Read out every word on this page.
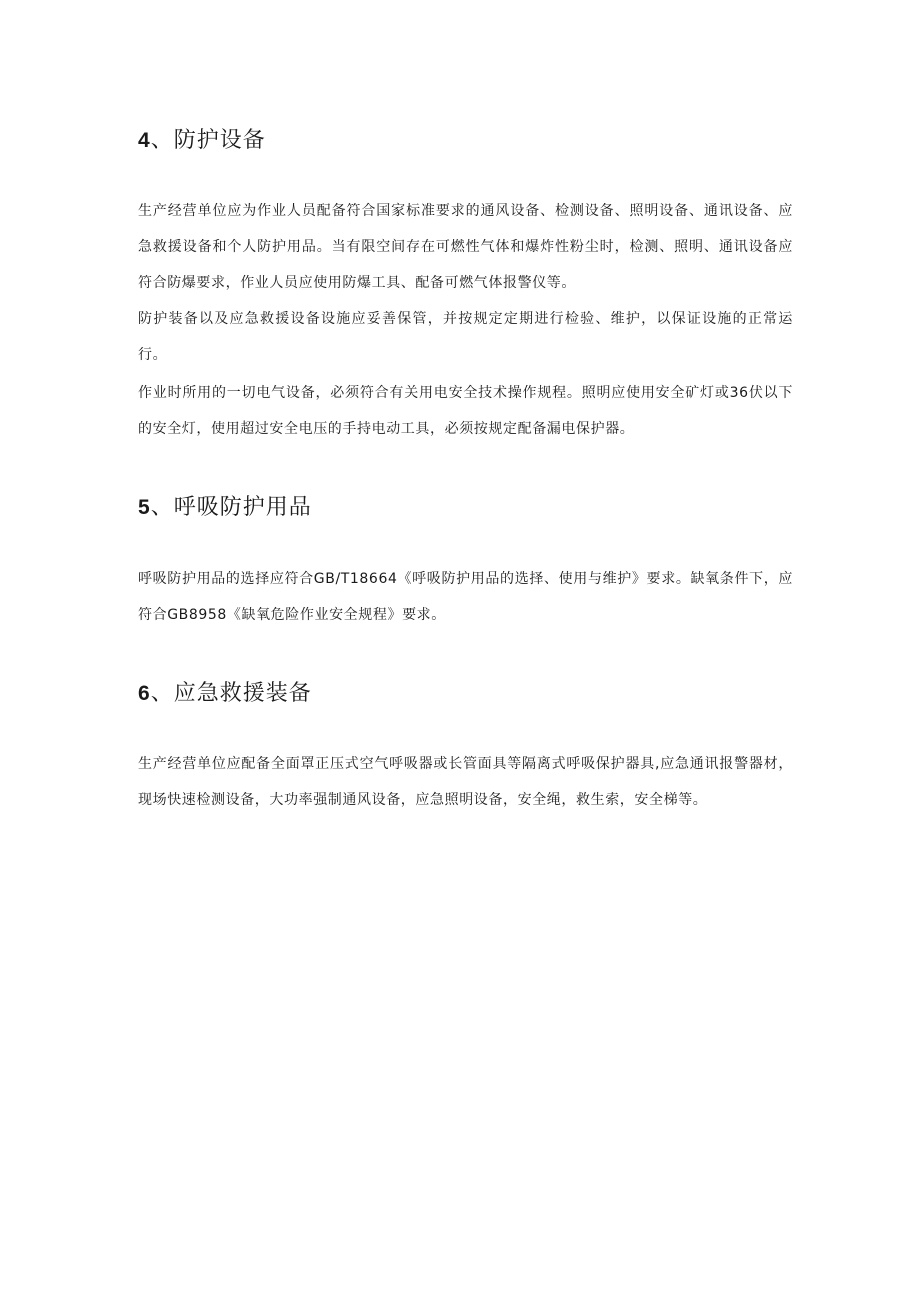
4、防护设备

生产经营单位应为作业人员配备符合国家标准要求的通风设备、检测设备、照明设备、通讯设备、应急救援设备和个人防护用品。当有限空间存在可燃性气体和爆炸性粉尘时，检测、照明、通讯设备应符合防爆要求，作业人员应使用防爆工具、配备可燃气体报警仪等。

防护装备以及应急救援设备设施应妥善保管，并按规定定期进行检验、维护，以保证设施的正常运行。

作业时所用的一切电气设备，必须符合有关用电安全技术操作规程。照明应使用安全矿灯或36伏以下的安全灯，使用超过安全电压的手持电动工具，必须按规定配备漏电保护器。

5、呼吸防护用品

呼吸防护用品的选择应符合GB/T18664《呼吸防护用品的选择、使用与维护》要求。缺氧条件下，应符合GB8958《缺氧危险作业安全规程》要求。

6、应急救援装备

生产经营单位应配备全面罩正压式空气呼吸器或长管面具等隔离式呼吸保护器具,应急通讯报警器材，现场快速检测设备，大功率强制通风设备，应急照明设备，安全绳，救生索，安全梯等。
